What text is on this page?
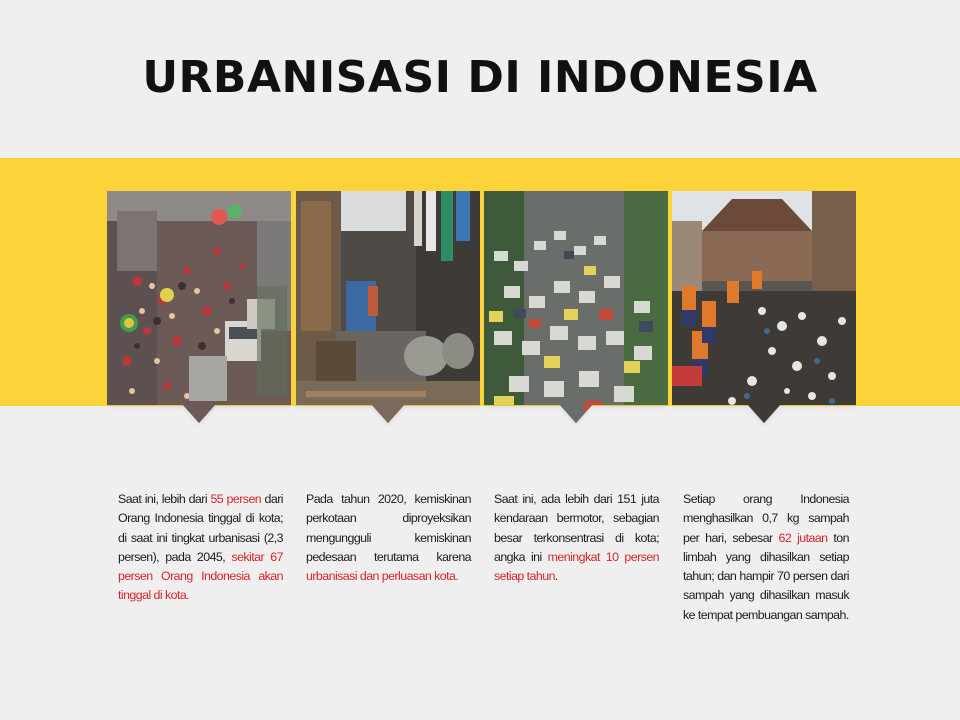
URBANISASI DI INDONESIA
Saat ini, lebih dari 55 persen dari Orang Indonesia tinggal di kota; di saat ini tingkat urbanisasi (2,3 persen), pada 2045, sekitar 67 persen Orang Indonesia akan tinggal di kota.
Pada tahun 2020, kemiskinan perkotaan diproyeksikan mengungguli kemiskinan pedesaan terutama karena urbanisasi dan perluasan kota.
Saat ini, ada lebih dari 151 juta kendaraan bermotor, sebagian besar terkonsentrasi di kota; angka ini meningkat 10 persen setiap tahun.
Setiap orang Indonesia menghasilkan 0,7 kg sampah per hari, sebesar 62 jutaan ton limbah yang dihasilkan setiap tahun; dan hampir 70 persen dari sampah yang dihasilkan masuk ke tempat pembuangan sampah.
